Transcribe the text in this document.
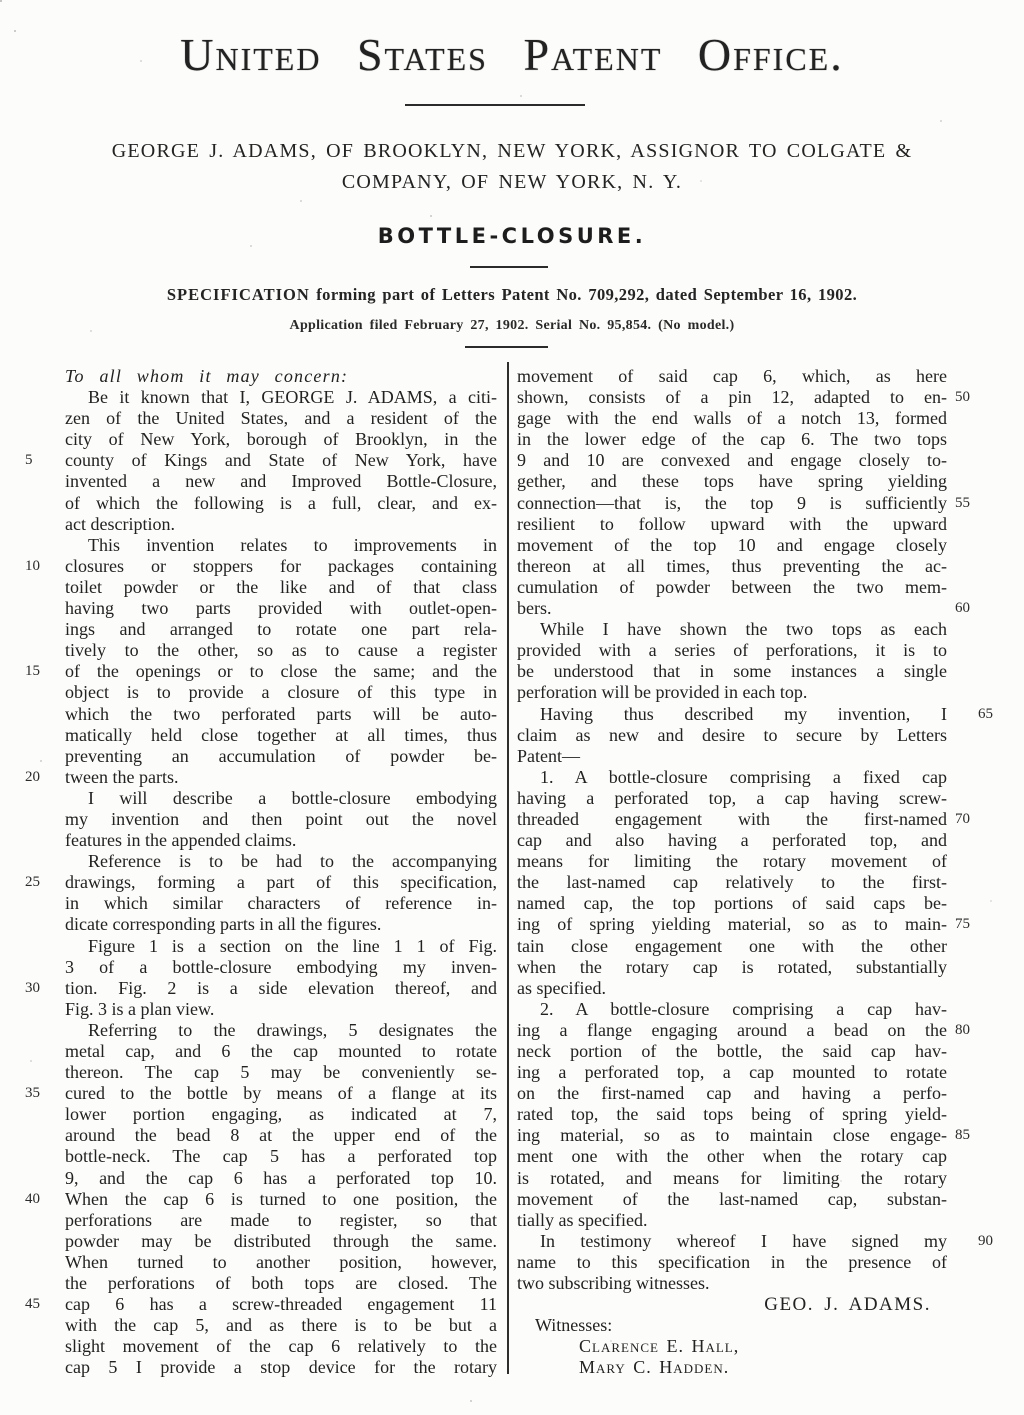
United States Patent Office.
GEORGE J. ADAMS, OF BROOKLYN, NEW YORK, ASSIGNOR TO COLGATE &
COMPANY, OF NEW YORK, N. Y.
BOTTLE-CLOSURE.
SPECIFICATION forming part of Letters Patent No. 709,292, dated September 16, 1902.
Application filed February 27, 1902. Serial No. 95,854. (No model.)
To all whom it may concern:
Be it known that I, GEORGE J. ADAMS, a citi-
zen of the United States, and a resident of the
city of New York, borough of Brooklyn, in the
5	county of Kings and State of New York, have
invented a new and Improved Bottle-Closure,
of which the following is a full, clear, and ex-
act description.
This invention relates to improvements in
10	closures or stoppers for packages containing
toilet powder or the like and of that class
having two parts provided with outlet-open-
ings and arranged to rotate one part rela-
tively to the other, so as to cause a register
15	of the openings or to close the same; and the
object is to provide a closure of this type in
which the two perforated parts will be auto-
matically held close together at all times, thus
preventing an accumulation of powder be-
20	tween the parts.
I will describe a bottle-closure embodying
my invention and then point out the novel
features in the appended claims.
Reference is to be had to the accompanying
25	drawings, forming a part of this specification,
in which similar characters of reference in-
dicate corresponding parts in all the figures.
Figure 1 is a section on the line 1 1 of Fig.
3 of a bottle-closure embodying my inven-
30	tion. Fig. 2 is a side elevation thereof, and
Fig. 3 is a plan view.
Referring to the drawings, 5 designates the
metal cap, and 6 the cap mounted to rotate
thereon. The cap 5 may be conveniently se-
35	cured to the bottle by means of a flange at its
lower portion engaging, as indicated at 7,
around the bead 8 at the upper end of the
bottle-neck. The cap 5 has a perforated top
9, and the cap 6 has a perforated top 10.
40	When the cap 6 is turned to one position, the
perforations are made to register, so that
powder may be distributed through the same.
When turned to another position, however,
the perforations of both tops are closed. The
45	cap 6 has a screw-threaded engagement 11
with the cap 5, and as there is to be but a
slight movement of the cap 6 relatively to the
cap 5 I provide a stop device for the rotary
movement of said cap 6, which, as here
50
shown, consists of a pin 12, adapted to en-
gage with the end walls of a notch 13, formed
in the lower edge of the cap 6. The two tops
9 and 10 are convexed and engage closely to-
gether, and these tops have spring yielding
55
connection—that is, the top 9 is sufficiently
resilient to follow upward with the upward
movement of the top 10 and engage closely
thereon at all times, thus preventing the ac-
cumulation of powder between the two mem-
60
bers.
While I have shown the two tops as each
provided with a series of perforations, it is to
be understood that in some instances a single
perforation will be provided in each top.
65
Having thus described my invention, I
claim as new and desire to secure by Letters
Patent—
1. A bottle-closure comprising a fixed cap
having a perforated top, a cap having screw-
70
threaded engagement with the first-named
cap and also having a perforated top, and
means for limiting the rotary movement of
the last-named cap relatively to the first-
named cap, the top portions of said caps be-
75
ing of spring yielding material, so as to main-
tain close engagement one with the other
when the rotary cap is rotated, substantially
as specified.
2. A bottle-closure comprising a cap hav-
80
ing a flange engaging around a bead on the
neck portion of the bottle, the said cap hav-
ing a perforated top, a cap mounted to rotate
on the first-named cap and having a perfo-
rated top, the said tops being of spring yield-
85
ing material, so as to maintain close engage-
ment one with the other when the rotary cap
is rotated, and means for limiting the rotary
movement of the last-named cap, substan-
tially as specified.
90
In testimony whereof I have signed my
name to this specification in the presence of
two subscribing witnesses.
GEO. J. ADAMS.
Witnesses:
Clarence E. Hall,
Mary C. Hadden.
